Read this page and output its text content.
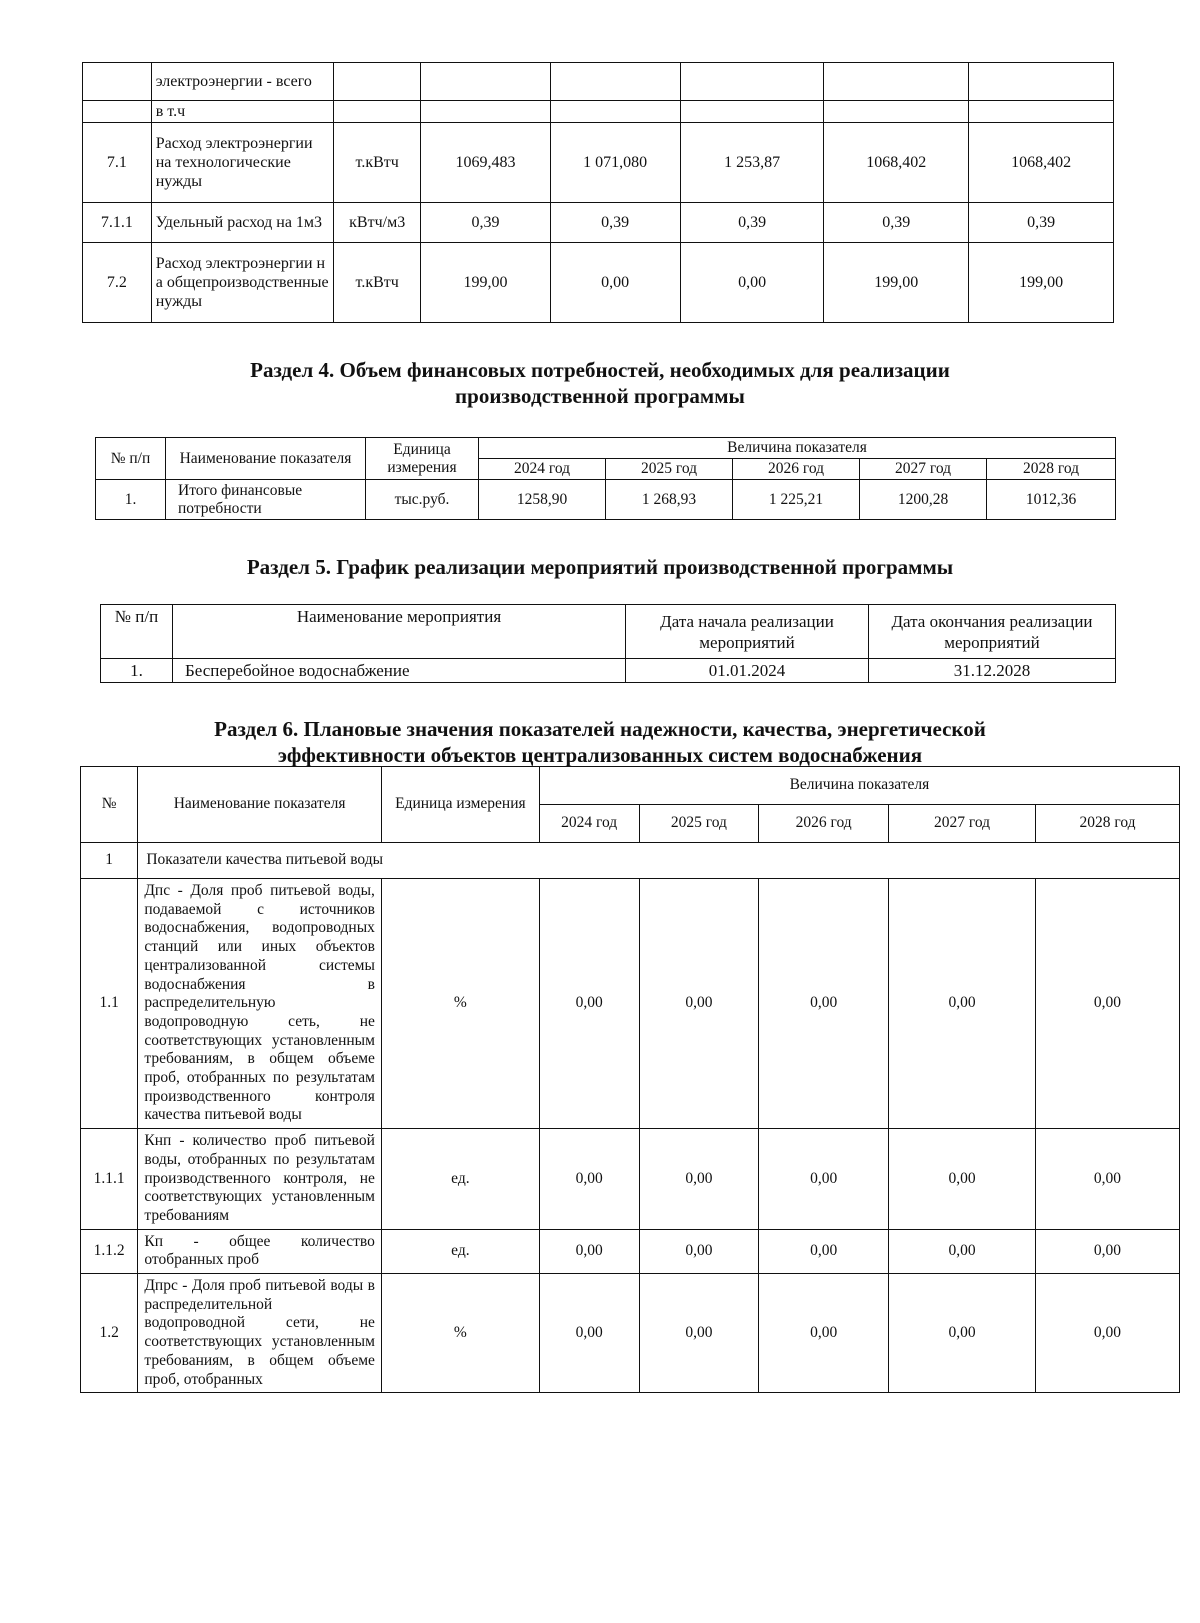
	электроэнергии - всего						
	в т.ч						
7.1	Расход электроэнергии на технологические нужды	т.кВтч	1069,483	1 071,080	1 253,87	1068,402	1068,402
7.1.1	Удельный расход на 1м3	кВтч/м3	0,39	0,39	0,39	0,39	0,39
7.2	Расход электроэнергии на общепроизводственные нужды	т.кВтч	199,00	0,00	0,00	199,00	199,00
Раздел 4. Объем финансовых потребностей, необходимых для реализации
производственной программы
№ п/п	Наименование показателя	Единица измерения	Величина показателя				
			2024 год	2025 год	2026 год	2027 год	2028 год
1.	Итого финансовые потребности	тыс.руб.	1258,90	1 268,93	1 225,21	1200,28	1012,36
Раздел 5. График реализации мероприятий производственной программы
№ п/п	Наименование мероприятия	Дата начала реализации мероприятий	Дата окончания реализации мероприятий
1.	Бесперебойное водоснабжение	01.01.2024	31.12.2028
Раздел 6. Плановые значения показателей надежности, качества, энергетической
эффективности объектов централизованных систем водоснабжения
№	Наименование показателя	Единица измерения	Величина показателя				
			2024 год	2025 год	2026 год	2027 год	2028 год
1	Показатели качества питьевой воды						
1.1	Дпс - Доля проб питьевой воды, подаваемой с источников водоснабжения, водопроводных станций или иных объектов централизованной системы водоснабжения в распределительную водопроводную сеть, не соответствующих установленным требованиям, в общем объеме проб, отобранных по результатам производственного контроля качества питьевой воды	%	0,00	0,00	0,00	0,00	0,00
1.1.1	Кнп - количество проб питьевой воды, отобранных по результатам производственного контроля, не соответствующих установленным требованиям	ед.	0,00	0,00	0,00	0,00	0,00
1.1.2	Кп - общее количество отобранных проб	ед.	0,00	0,00	0,00	0,00	0,00
1.2	Дпрс - Доля проб питьевой воды в распределительной водопроводной сети, не соответствующих установленным требованиям, в общем объеме проб, отобранных	%	0,00	0,00	0,00	0,00	0,00
